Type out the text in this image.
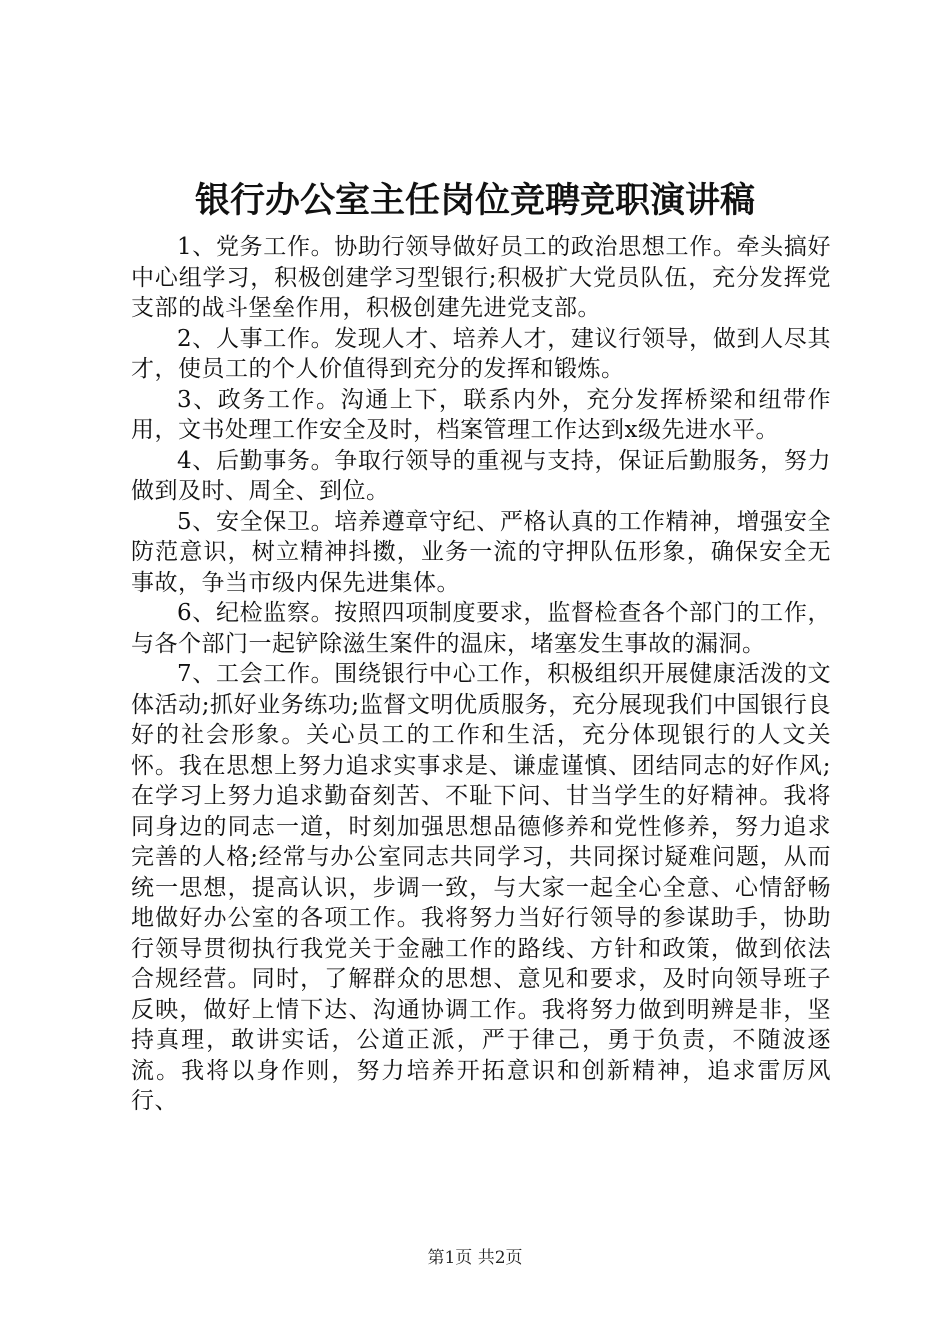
银行办公室主任岗位竞聘竞职演讲稿

1、党务工作。协助行领导做好员工的政治思想工作。牵头搞好中心组学习，积极创建学习型银行;积极扩大党员队伍，充分发挥党支部的战斗堡垒作用，积极创建先进党支部。

2、人事工作。发现人才、培养人才，建议行领导，做到人尽其才，使员工的个人价值得到充分的发挥和锻炼。

3、政务工作。沟通上下，联系内外，充分发挥桥梁和纽带作用，文书处理工作安全及时，档案管理工作达到x级先进水平。

4、后勤事务。争取行领导的重视与支持，保证后勤服务，努力做到及时、周全、到位。

5、安全保卫。培养遵章守纪、严格认真的工作精神，增强安全防范意识，树立精神抖擞，业务一流的守押队伍形象，确保安全无事故，争当市级内保先进集体。

6、纪检监察。按照四项制度要求，监督检查各个部门的工作，与各个部门一起铲除滋生案件的温床，堵塞发生事故的漏洞。

7、工会工作。围绕银行中心工作，积极组织开展健康活泼的文体活动;抓好业务练功;监督文明优质服务，充分展现我们中国银行良好的社会形象。关心员工的工作和生活，充分体现银行的人文关怀。我在思想上努力追求实事求是、谦虚谨慎、团结同志的好作风;在学习上努力追求勤奋刻苦、不耻下问、甘当学生的好精神。我将同身边的同志一道，时刻加强思想品德修养和党性修养，努力追求完善的人格;经常与办公室同志共同学习，共同探讨疑难问题，从而统一思想，提高认识，步调一致，与大家一起全心全意、心情舒畅地做好办公室的各项工作。我将努力当好行领导的参谋助手，协助行领导贯彻执行我党关于金融工作的路线、方针和政策，做到依法合规经营。同时，了解群众的思想、意见和要求，及时向领导班子反映，做好上情下达、沟通协调工作。我将努力做到明辨是非，坚持真理，敢讲实话，公道正派，严于律己，勇于负责，不随波逐流。我将以身作则，努力培养开拓意识和创新精神，追求雷厉风行、

第1页 共2页
